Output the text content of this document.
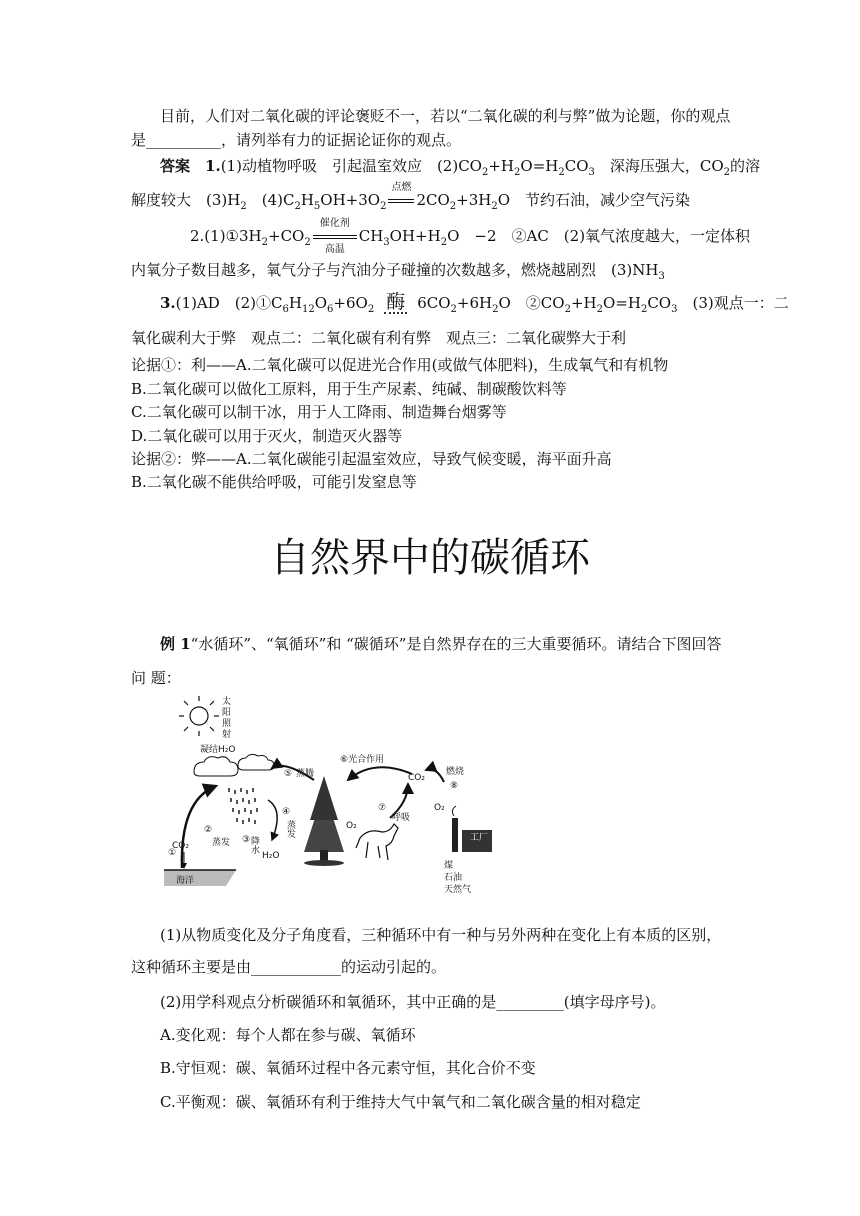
目前，人们对二氧化碳的评论褒贬不一，若以“二氧化碳的利与弊”做为论题，你的观点
是__________，请列举有力的证据论证你的观点。
答案　 1.(1)动植物呼吸　引起温室效应　$(2)CO_2+H_2O=H_2CO_3$　深海压强大，$CO_2$的溶
解度较大　$(3)H_2$　$(4)C_2H_5OH+3O_2$
点燃
$2CO_2+3H_2O$　节约石油，减少空气污染
$2.(1)①3H_2+CO_2$
催化剂
高温
$CH_3OH+H_2O$　−2　②AC　(2)氧气浓度越大，一定体积
内氧分子数目越多，氧气分子与汽油分子碰撞的次数越多，燃烧越剧烈　$(3)NH_3$
3.(1)AD　$(2)①C_6H_{12}O_6+6O_2$ 酶 $6CO_2+6H_2O$　$②CO_2+H_2O=H_2CO_3$　(3)观点一：二
氧化碳利大于弊　观点二：二氧化碳有利有弊　观点三：二氧化碳弊大于利
论据①：利——A.二氧化碳可以促进光合作用(或做气体肥料)，生成氧气和有机物
B.二氧化碳可以做化工原料，用于生产尿素、纯碱、制碳酸饮料等
C.二氧化碳可以制干冰，用于人工降雨、制造舞台烟雾等
D.二氧化碳可以用于灭火，制造灭火器等
论据②：弊——A.二氧化碳能引起温室效应，导致气候变暖，海平面升高
B.二氧化碳不能供给呼吸，可能引发窒息等
自然界中的碳循环
例 1“水循环”、“氧循环”和 “碳循环”是自然界存在的三大重要循环。请结合下图回答
问 题：
太
阳
照
射
凝结H₂O
②
蒸发
①
CO₂
③
降水
H₂O
④
蒸发
⑤ 蒸腾
⑥光合作用
CO₂
O₂
⑦
呼吸
燃烧
⑧
O₂
工厂
煤
石油
天然气
海洋
(1)从物质变化及分子角度看，三种循环中有一种与另外两种在变化上有本质的区别，
这种循环主要是由____________的运动引起的。
(2)用学科观点分析碳循环和氧循环，其中正确的是_________(填字母序号)。
A.变化观：每个人都在参与碳、氧循环
B.守恒观：碳、氧循环过程中各元素守恒，其化合价不变
C.平衡观：碳、氧循环有利于维持大气中氧气和二氧化碳含量的相对稳定
